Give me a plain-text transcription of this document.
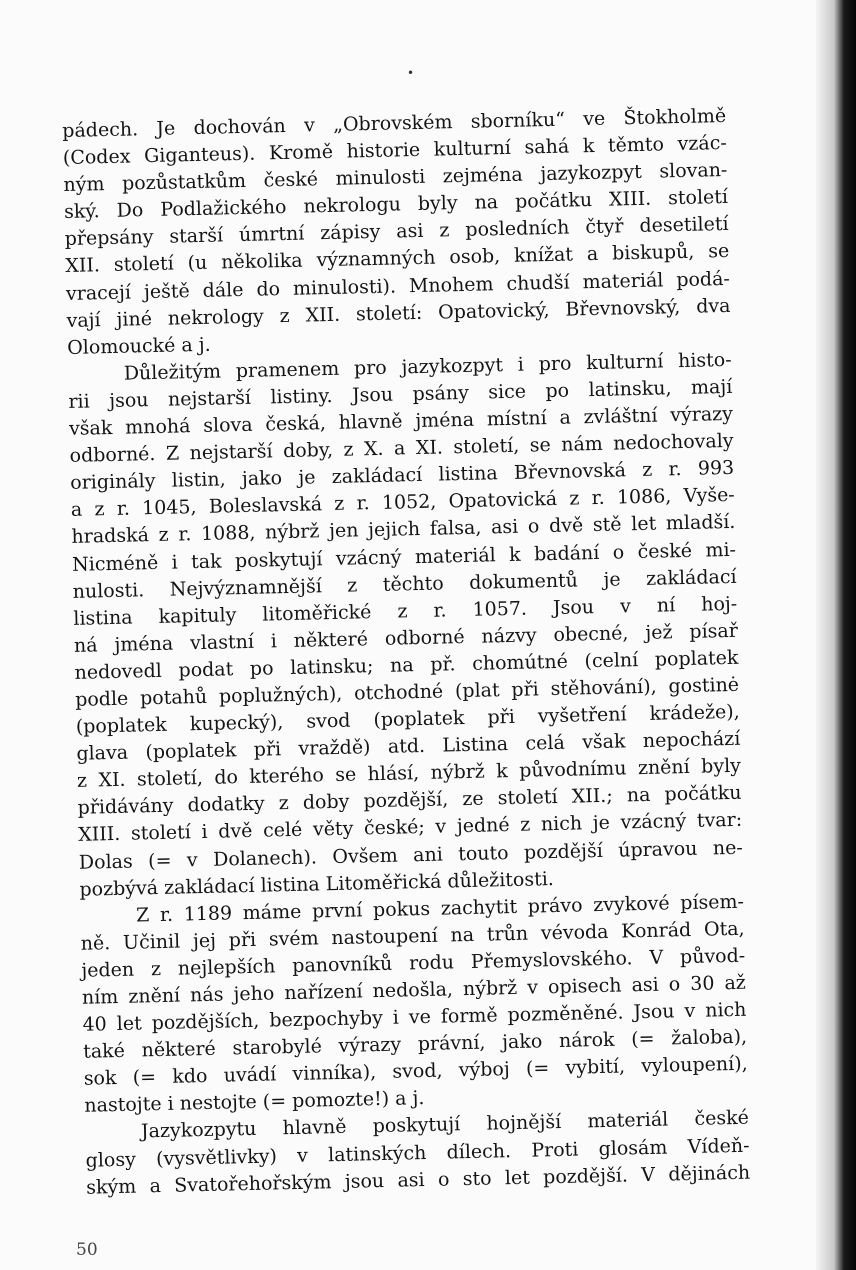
•
pádech. Je dochován v „Obrovském sborníku“ ve Štokholmě
(Codex Giganteus). Kromě historie kulturní sahá k těmto vzác-
ným pozůstatkům české minulosti zejména jazykozpyt slovan-
ský. Do Podlažického nekrologu byly na počátku XIII. století
přepsány starší úmrtní zápisy asi z posledních čtyř desetiletí
XII. století (u několika významných osob, knížat a biskupů, se
vracejí ještě dále do minulosti). Mnohem chudší materiál podá-
vají jiné nekrology z XII. století: Opatovický, Břevnovský, dva
Olomoucké a j.
Důležitým pramenem pro jazykozpyt i pro kulturní histo-
rii jsou nejstarší listiny. Jsou psány sice po latinsku, mají
však mnohá slova česká, hlavně jména místní a zvláštní výrazy
odborné. Z nejstarší doby, z X. a XI. století, se nám nedochovaly
originály listin, jako je zakládací listina Břevnovská z r. 993
a z r. 1045, Boleslavská z r. 1052, Opatovická z r. 1086, Vyše-
hradská z r. 1088, nýbrž jen jejich falsa, asi o dvě stě let mladší.
Nicméně i tak poskytují vzácný materiál k badání o české mi-
nulosti. Nejvýznamnější z těchto dokumentů je zakládací
listina kapituly litoměřické z r. 1057. Jsou v ní hoj-
ná jména vlastní i některé odborné názvy obecné, jež písař
nedovedl podat po latinsku; na př. chomútné (celní poplatek
podle potahů poplužných), otchodné (plat při stěhování), gostinė
(poplatek kupecký), svod (poplatek při vyšetření krádeže),
glava (poplatek při vraždě) atd. Listina celá však nepochází
z XI. století, do kterého se hlásí, nýbrž k původnímu znění byly
přidávány dodatky z doby pozdější, ze století XII.; na počátku
XIII. století i dvě celé věty české; v jedné z nich je vzácný tvar:
Dolas (= v Dolanech). Ovšem ani touto pozdější úpravou ne-
pozbývá zakládací listina Litoměřická důležitosti.
Z r. 1189 máme první pokus zachytit právo zvykové písem-
ně. Učinil jej při svém nastoupení na trůn vévoda Konrád Ota,
jeden z nejlepších panovníků rodu Přemyslovského. V původ-
ním znění nás jeho nařízení nedošla, nýbrž v opisech asi o 30 až
40 let pozdějších, bezpochyby i ve formě pozměněné. Jsou v nich
také některé starobylé výrazy právní, jako nárok (= žaloba),
sok (= kdo uvádí vinníka), svod, výboj (= vybití, vyloupení),
nastojte i nestojte (= pomozte!) a j.
Jazykozpytu hlavně poskytují hojnější materiál české
glosy (vysvětlivky) v latinských dílech. Proti glosám Vídeň-
ským a Svatořehořským jsou asi o sto let pozdější. V dějinách
50
